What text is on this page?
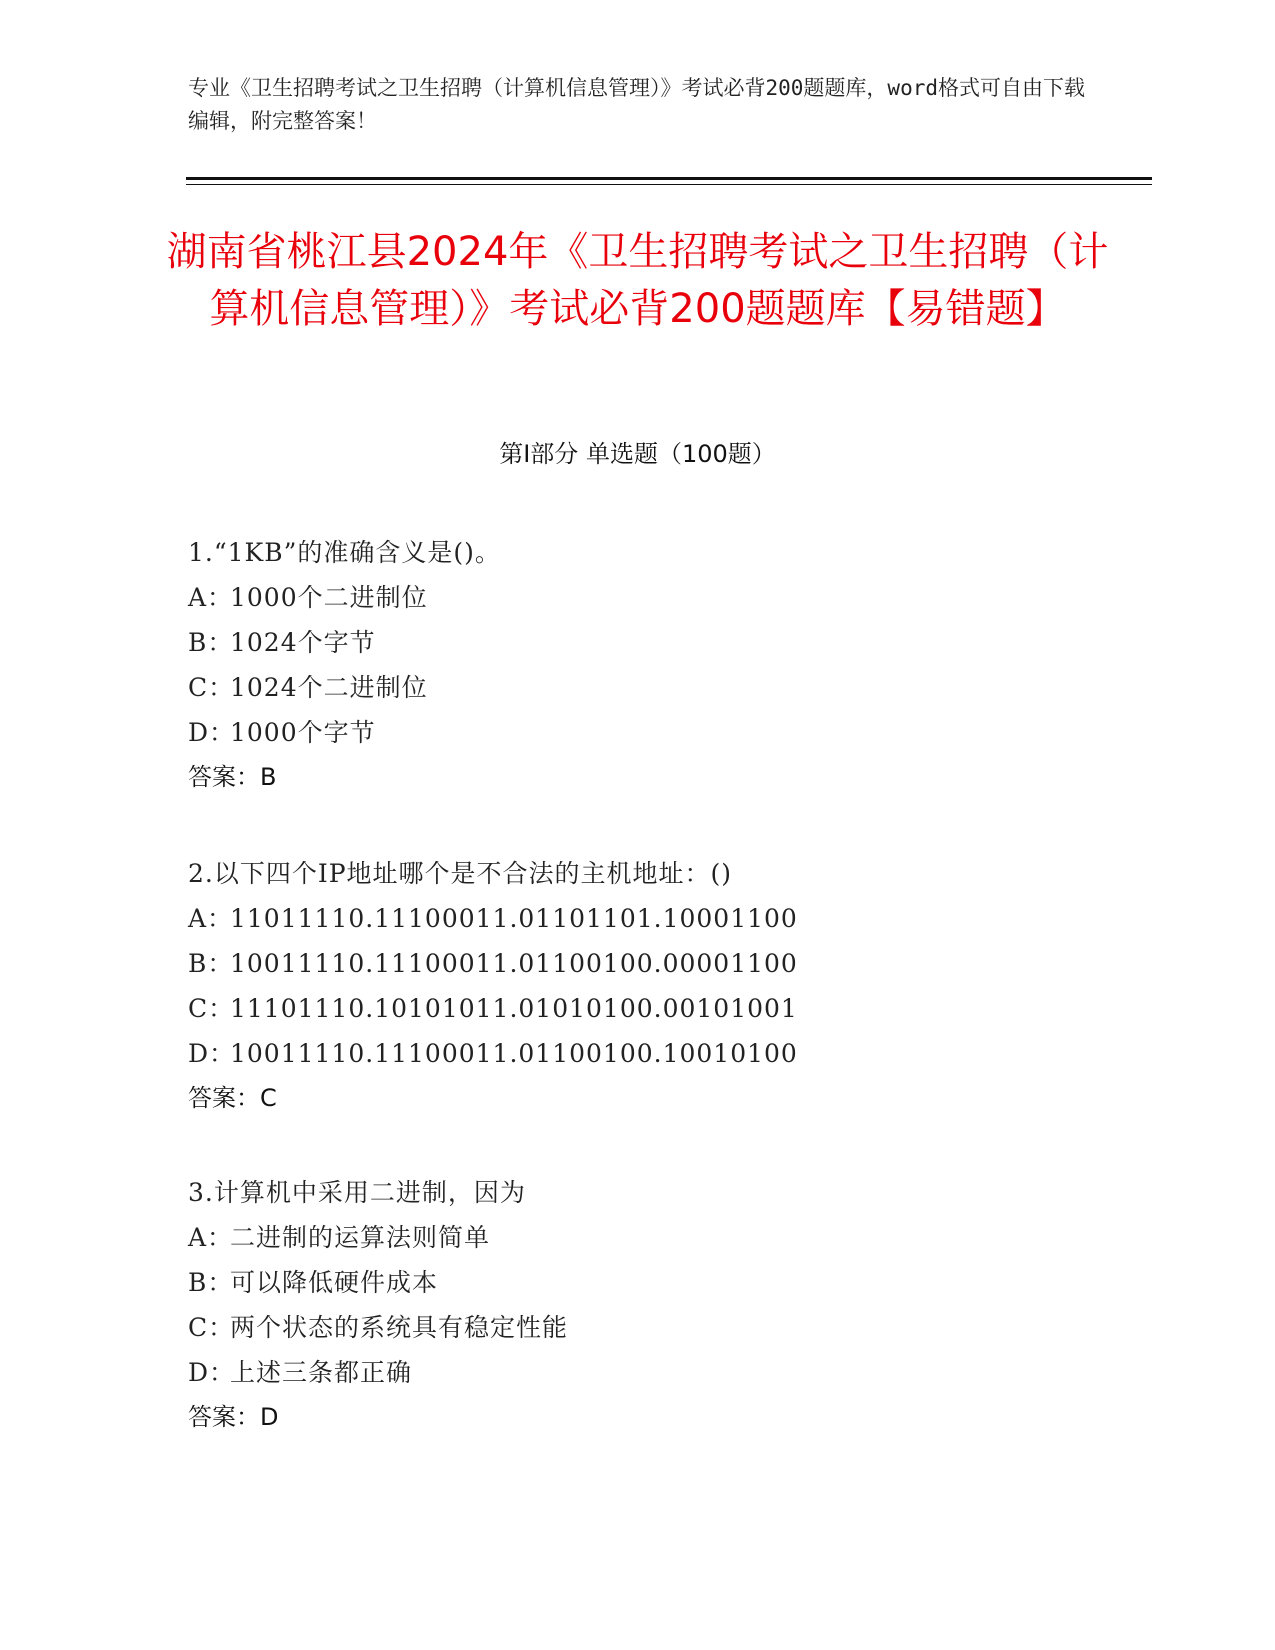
专业《卫生招聘考试之卫生招聘（计算机信息管理）》考试必背200题题库，word格式可自由下载编辑，附完整答案！

湖南省桃江县2024年《卫生招聘考试之卫生招聘（计算机信息管理）》考试必背200题题库【易错题】
第I部分 单选题（100题）
1.“1KB”的准确含义是()。
A：1000个二进制位
B：1024个字节
C：1024个二进制位
D：1000个字节
答案：B
2.以下四个IP地址哪个是不合法的主机地址：()
A：11011110.11100011.01101101.10001100
B：10011110.11100011.01100100.00001100
C：11101110.10101011.01010100.00101001
D：10011110.11100011.01100100.10010100
答案：C
3.计算机中采用二进制，因为
A：二进制的运算法则简单
B：可以降低硬件成本
C：两个状态的系统具有稳定性能
D：上述三条都正确
答案：D
